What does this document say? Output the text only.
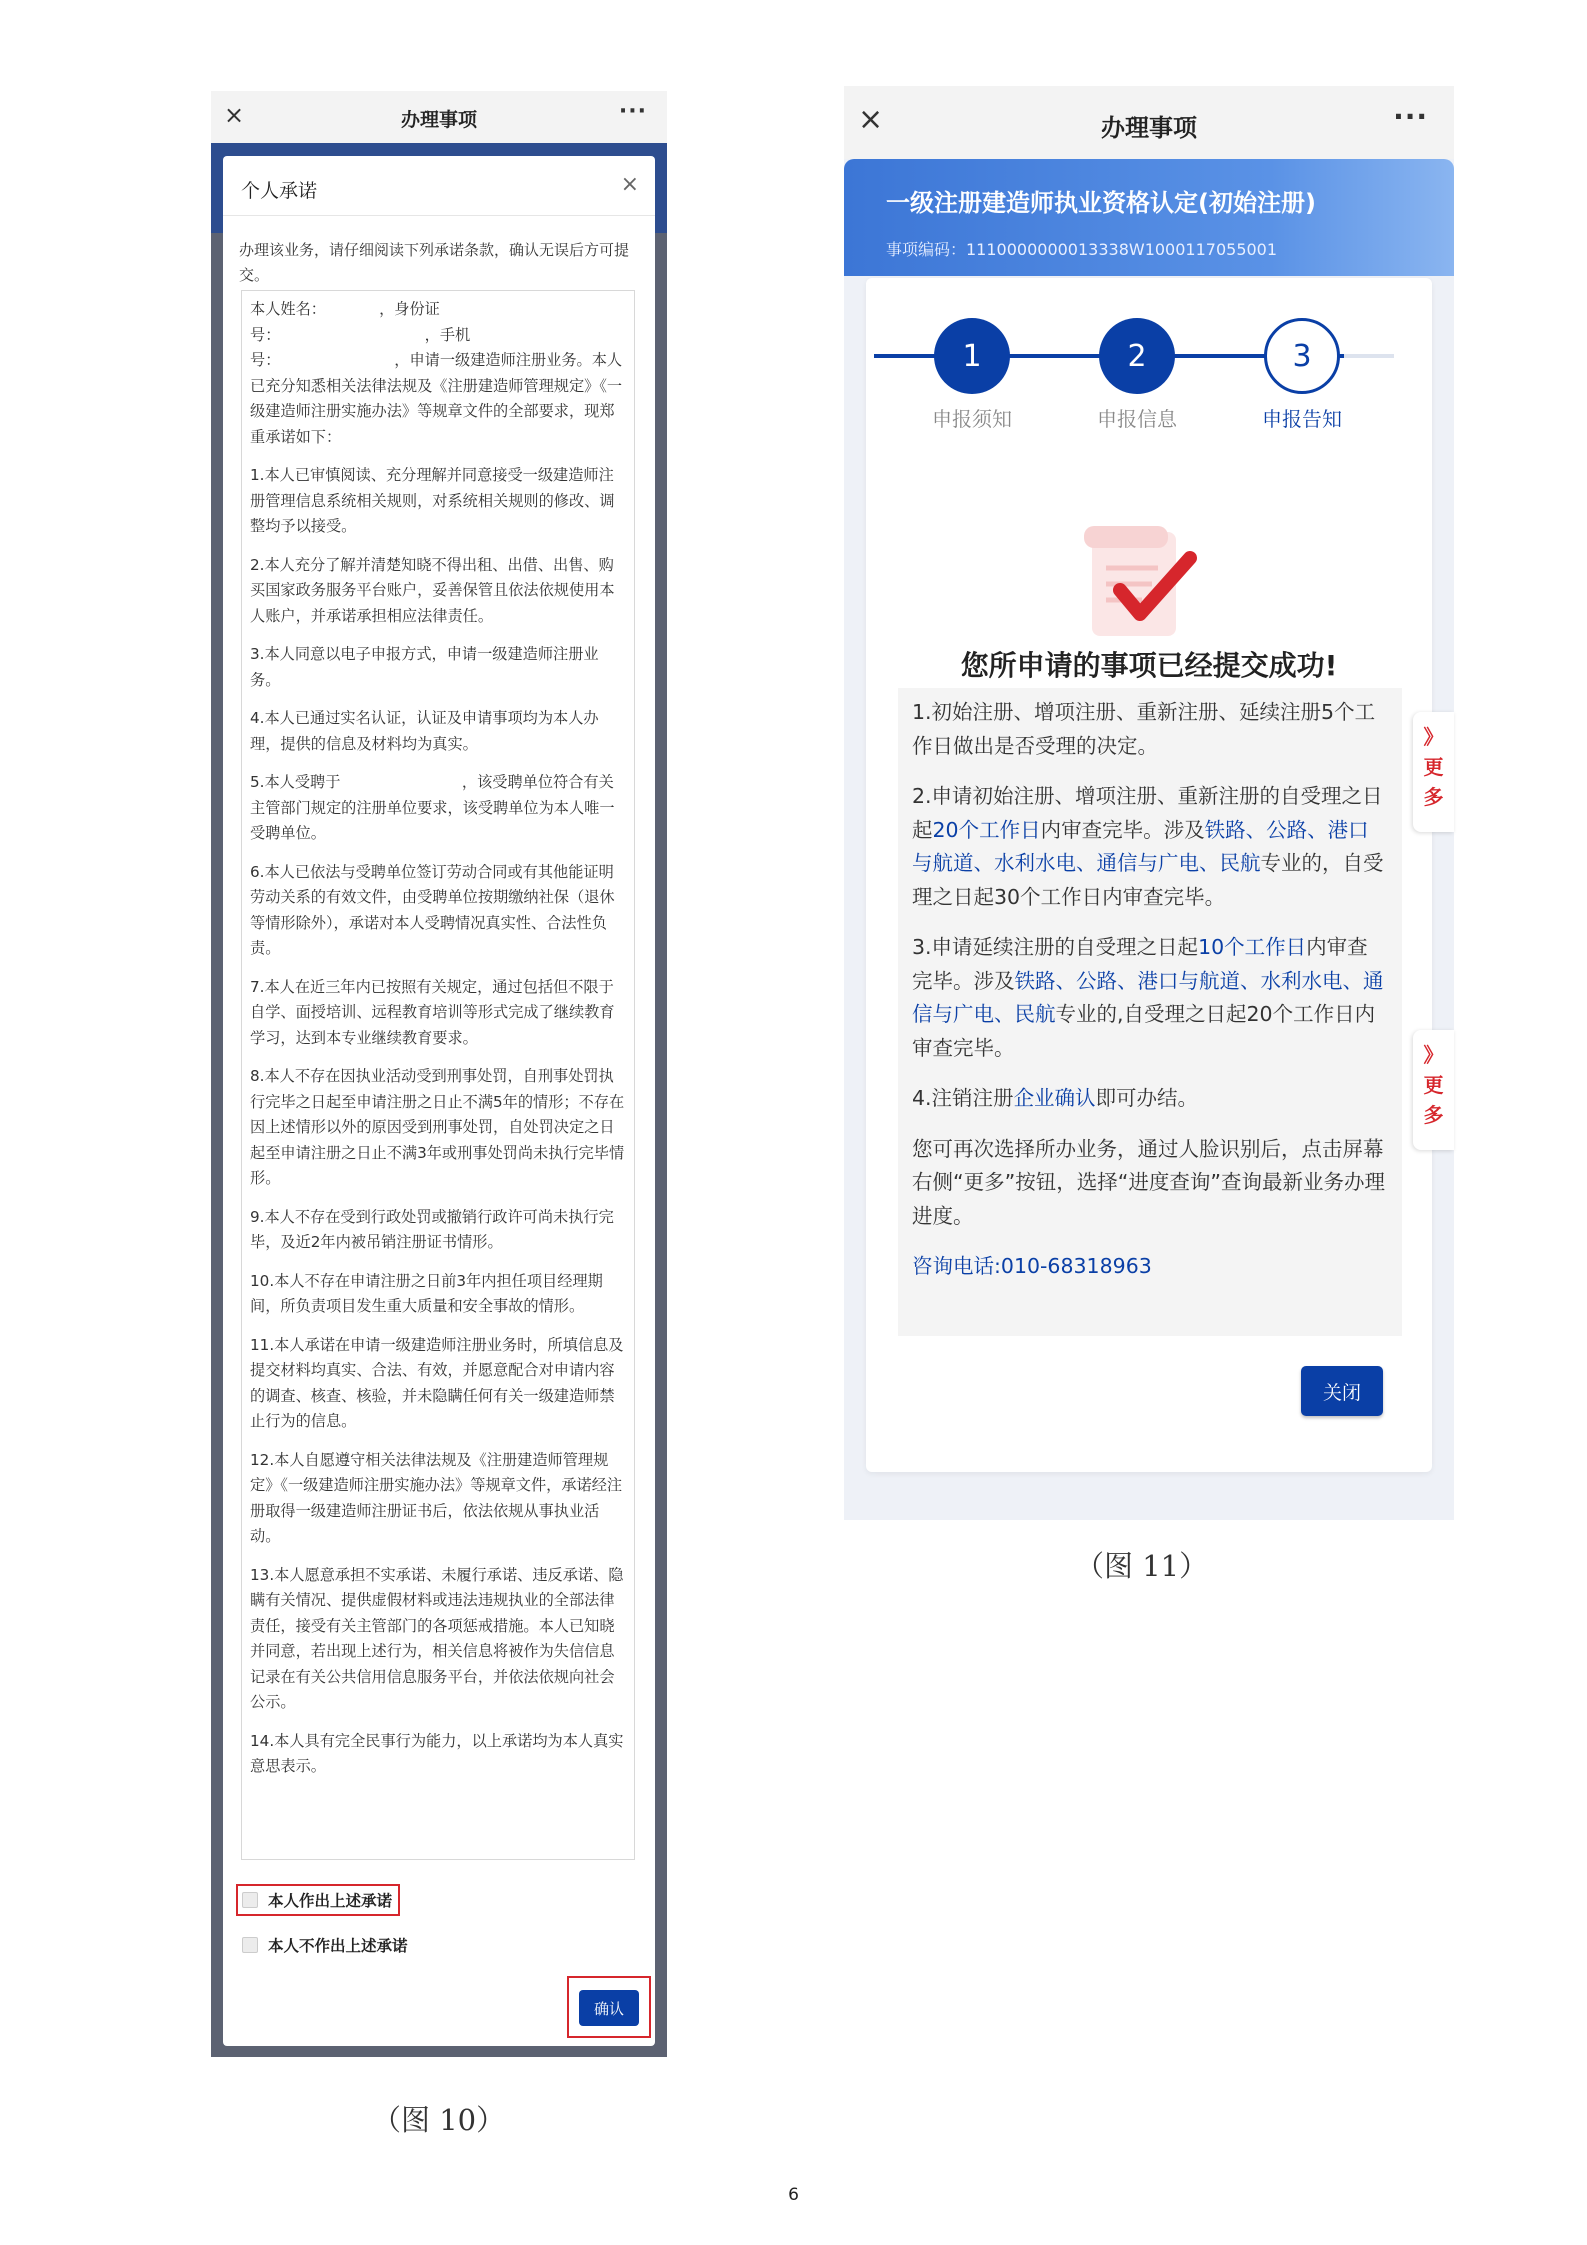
×	办理事项	···
个人承诺	×
办理该业务，请仔细阅读下列承诺条款，确认无误后方可提交。

本人姓名：　　　　，身份证号：　　　　　　　　　　，手机号：　　　　　　　　，申请一级建造师注册业务。本人已充分知悉相关法律法规及《注册建造师管理规定》《一级建造师注册实施办法》等规章文件的全部要求，现郑重承诺如下：

1.本人已审慎阅读、充分理解并同意接受一级建造师注册管理信息系统相关规则，对系统相关规则的修改、调整均予以接受。

2.本人充分了解并清楚知晓不得出租、出借、出售、购买国家政务服务平台账户，妥善保管且依法依规使用本人账户，并承诺承担相应法律责任。

3.本人同意以电子申报方式，申请一级建造师注册业务。

4.本人已通过实名认证，认证及申请事项均为本人办理，提供的信息及材料均为真实。

5.本人受聘于　　　　　　　　，该受聘单位符合有关主管部门规定的注册单位要求，该受聘单位为本人唯一受聘单位。

6.本人已依法与受聘单位签订劳动合同或有其他能证明劳动关系的有效文件，由受聘单位按期缴纳社保（退休等情形除外），承诺对本人受聘情况真实性、合法性负责。

7.本人在近三年内已按照有关规定，通过包括但不限于自学、面授培训、远程教育培训等形式完成了继续教育学习，达到本专业继续教育要求。

8.本人不存在因执业活动受到刑事处罚，自刑事处罚执行完毕之日起至申请注册之日止不满5年的情形；不存在因上述情形以外的原因受到刑事处罚，自处罚决定之日起至申请注册之日止不满3年或刑事处罚尚未执行完毕情形。

9.本人不存在受到行政处罚或撤销行政许可尚未执行完毕，及近2年内被吊销注册证书情形。

10.本人不存在申请注册之日前3年内担任项目经理期间，所负责项目发生重大质量和安全事故的情形。

11.本人承诺在申请一级建造师注册业务时，所填信息及提交材料均真实、合法、有效，并愿意配合对申请内容的调查、核查、核验，并未隐瞒任何有关一级建造师禁止行为的信息。

12.本人自愿遵守相关法律法规及《注册建造师管理规定》《一级建造师注册实施办法》等规章文件，承诺经注册取得一级建造师注册证书后，依法依规从事执业活动。

13.本人愿意承担不实承诺、未履行承诺、违反承诺、隐瞒有关情况、提供虚假材料或违法违规执业的全部法律责任，接受有关主管部门的各项惩戒措施。本人已知晓并同意，若出现上述行为，相关信息将被作为失信信息记录在有关公共信用信息服务平台，并依法依规向社会公示。

14.本人具有完全民事行为能力，以上承诺均为本人真实意思表示。

本人作出上述承诺
本人不作出上述承诺
确认
（图 10）
×	办理事项	···
一级注册建造师执业资格认定(初始注册)
事项编码：1110000000013338W1000117055001
1
申报须知
2
申报信息
3
申报告知
您所申请的事项已经提交成功!

1.初始注册、增项注册、重新注册、延续注册5个工作日做出是否受理的决定。

2.申请初始注册、增项注册、重新注册的自受理之日起20个工作日内审查完毕。涉及铁路、公路、港口与航道、水利水电、通信与广电、民航专业的，自受理之日起30个工作日内审查完毕。

3.申请延续注册的自受理之日起10个工作日内审查完毕。涉及铁路、公路、港口与航道、水利水电、通信与广电、民航专业的,自受理之日起20个工作日内审查完毕。

4.注销注册企业确认即可办结。

您可再次选择所办业务，通过人脸识别后，点击屏幕右侧“更多”按钮，选择“进度查询”查询最新业务办理进度。

咨询电话:010-68318963

关闭
》
更
多
》
更
多
（图 11）
6
